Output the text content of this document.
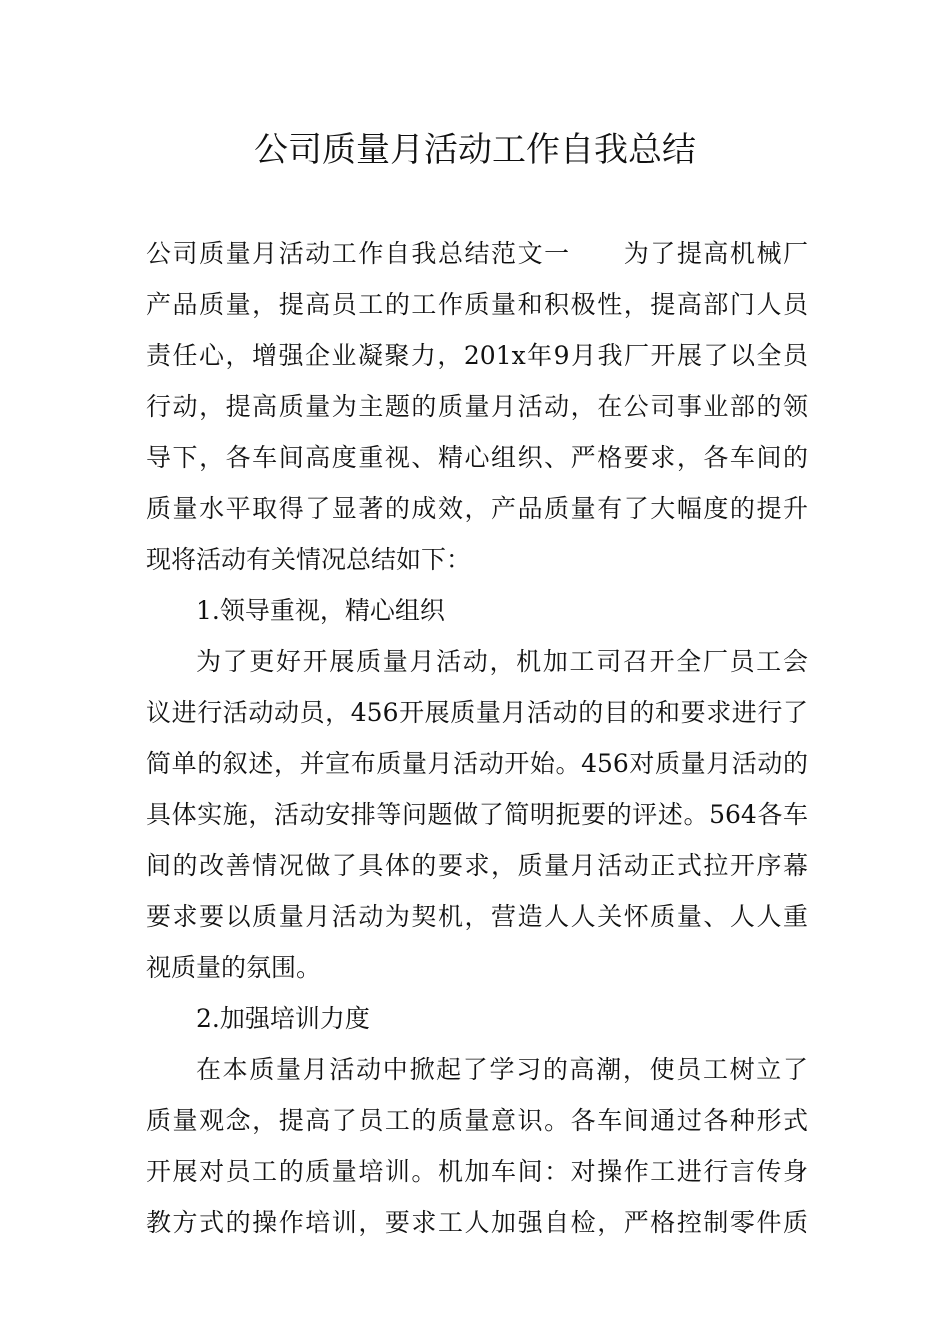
公司质量月活动工作自我总结
公司质量月活动工作自我总结范文一　　为了提高机械厂
产品质量，提高员工的工作质量和积极性，提高部门人员
责任心，增强企业凝聚力，201x年9月我厂开展了以全员
行动，提高质量为主题的质量月活动，在公司事业部的领
导下，各车间高度重视、精心组织、严格要求，各车间的
质量水平取得了显著的成效，产品质量有了大幅度的提升
现将活动有关情况总结如下：
1.领导重视，精心组织
为了更好开展质量月活动，机加工司召开全厂员工会
议进行活动动员，456开展质量月活动的目的和要求进行了
简单的叙述，并宣布质量月活动开始。456对质量月活动的
具体实施，活动安排等问题做了简明扼要的评述。564各车
间的改善情况做了具体的要求，质量月活动正式拉开序幕
要求要以质量月活动为契机，营造人人关怀质量、人人重
视质量的氛围。
2.加强培训力度
在本质量月活动中掀起了学习的高潮，使员工树立了
质量观念，提高了员工的质量意识。各车间通过各种形式
开展对员工的质量培训。机加车间：对操作工进行言传身
教方式的操作培训，要求工人加强自检，严格控制零件质
